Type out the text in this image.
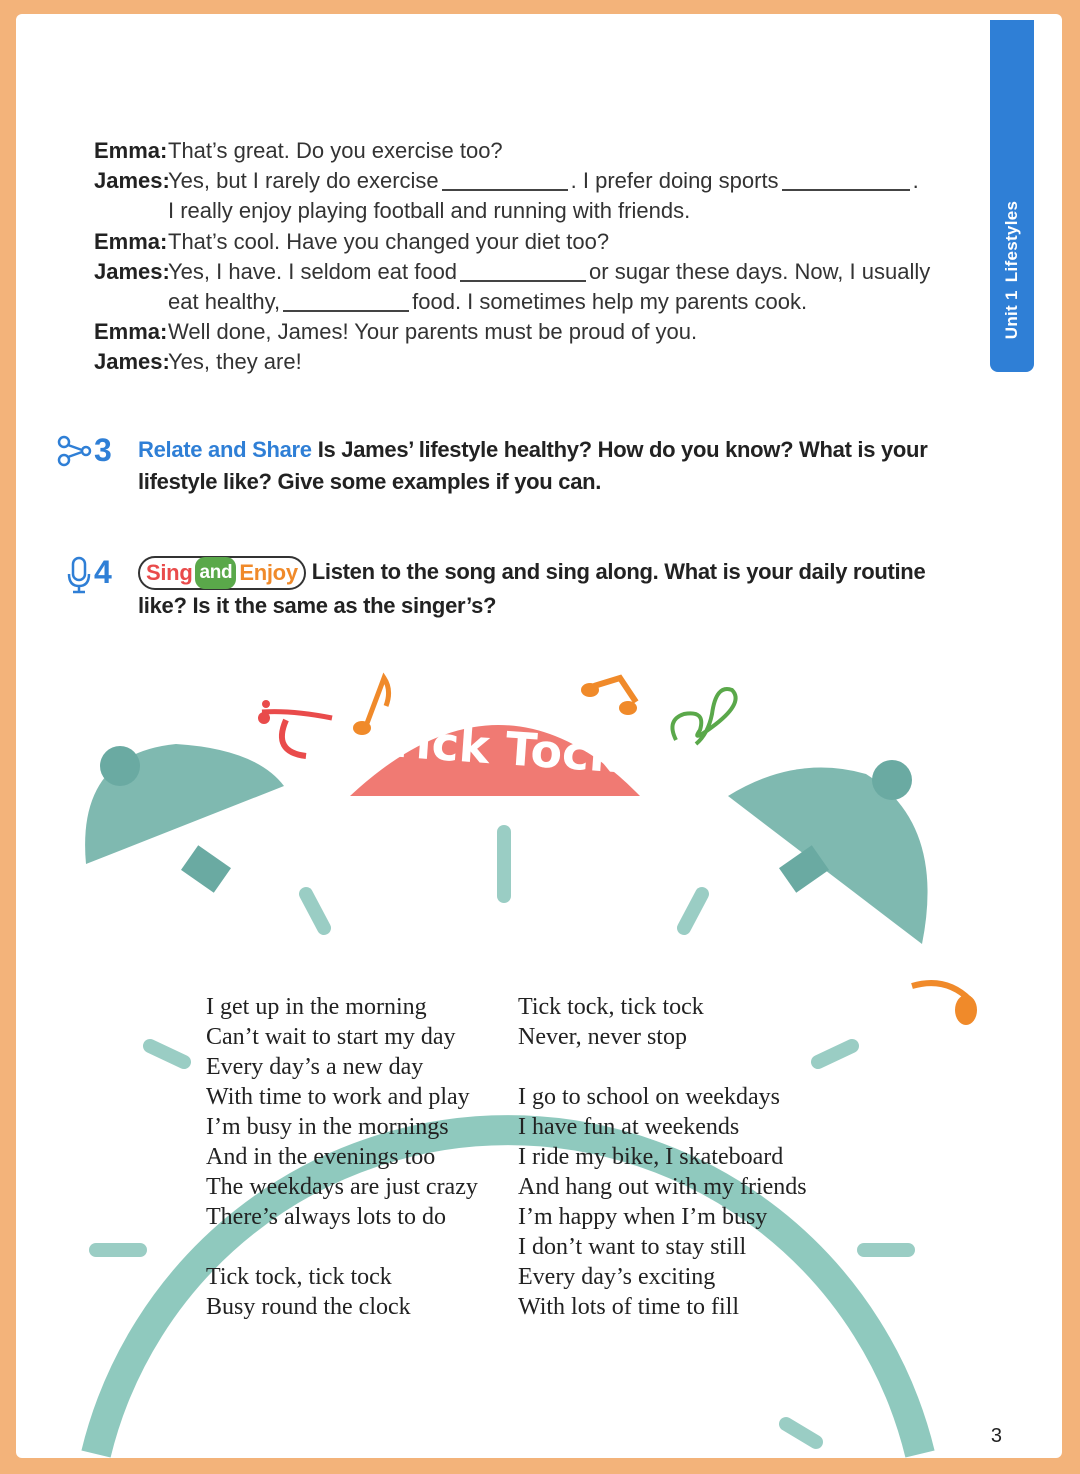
Unit 1Lifestyles
Emma: That’s great. Do you exercise too?
James:
Yes, but I rarely do exercise	. I prefer doing sports	.
I really enjoy playing football and running with friends.
Emma: That’s cool. Have you changed your diet too?
James:
Yes, I have. I seldom eat food	or sugar these days. Now, I usually
eat healthy,	food. I sometimes help my parents cook.
Emma: Well done, James! Your parents must be proud of you.
James:
Yes, they are!
3 Relate and Share Is James’ lifestyle healthy? How do you know? What is your lifestyle like? Give some examples if you can.
4 Sing and Enjoy Listen to the song and sing along. What is your daily routine like? Is it the same as the singer’s?
Tick Tock
I get up in the morning
Can’t wait to start my day
Every day’s a new day
With time to work and play
I’m busy in the mornings
And in the evenings too
The weekdays are just crazy
There’s always lots to do
Tick tock, tick tock
Busy round the clock
Tick tock, tick tock
Never, never stop
I go to school on weekdays
I have fun at weekends
I ride my bike, I skateboard
And hang out with my friends
I’m happy when I’m busy
I don’t want to stay still
Every day’s exciting
With lots of time to fill
3
